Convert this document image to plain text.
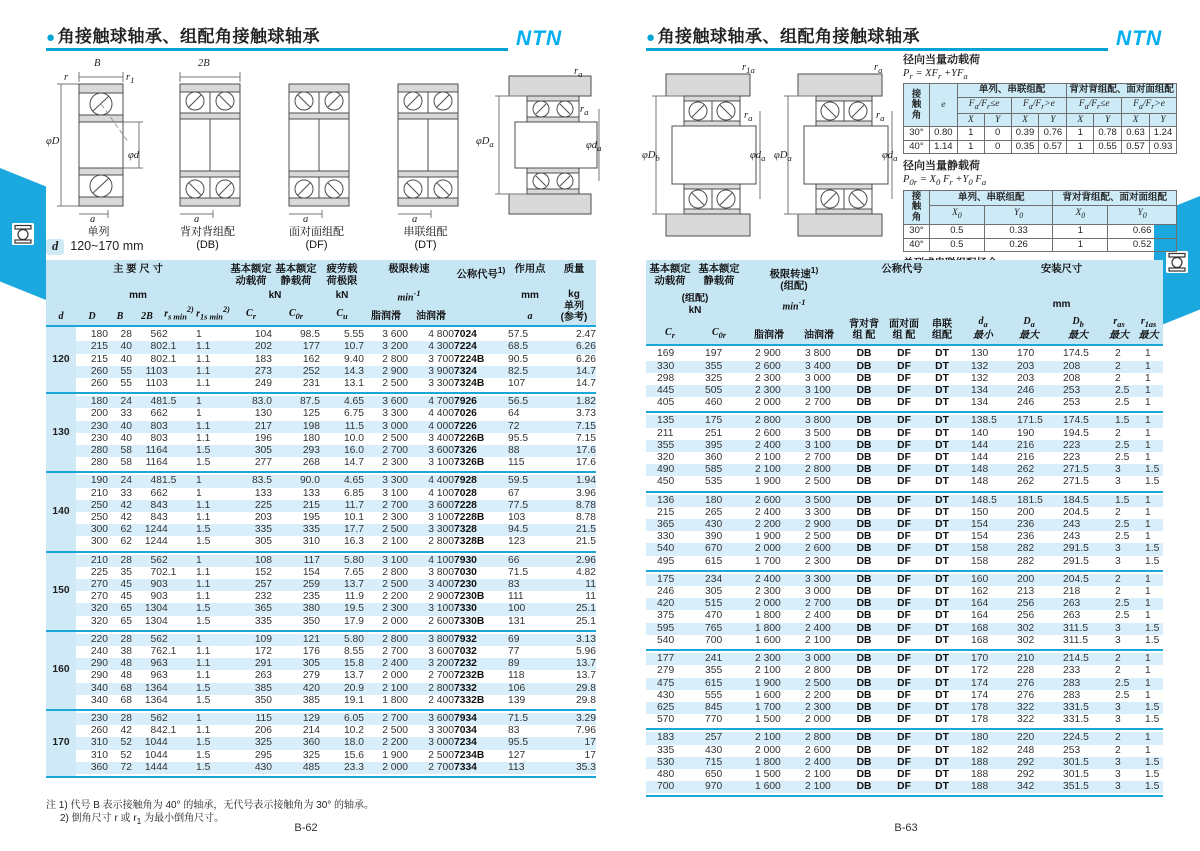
● 角接触球轴承、组配角接触球轴承	NTN
B
r	$r_1$
φD
φd
a
2B
a	a	a
$r_a$
$r_a$
$\varphi D_a$	$\varphi d_a$
单列	背对背组配
(DB)
面对面组配
(DF)
串联组配
(DT)
d 120~170 mm
主 要 尺 寸						基本额定
动载荷	基本额定
静载荷	疲劳载
荷极限	极限转速		公称代号$^{1)}$	作用点	质量
mm						kN		kN	$\min^{-1}$			mm	kg
单列
(参考)
d	D	B	2B	$r_{s min}^{2)}$	$r_{1s min}^{2)}$	$C_r$	$C_{0r}$	$C_u$	脂润滑	油润滑		a	
120													
	180	28	56	2	1	104	98.5	5.55	3 600	4 800	7024	57.5	2.47
	215	40	80	2.1	1.1	202	177	10.7	3 200	4 300	7224	68.5	6.26
	215	40	80	2.1	1.1	183	162	9.40	2 800	3 700	7224B	90.5	6.26
	260	55	110	3	1.1	273	252	14.3	2 900	3 900	7324	82.5	14.7
	260	55	110	3	1.1	249	231	13.1	2 500	3 300	7324B	107	14.7

130													
	180	24	48	1.5	1	83.0	87.5	4.65	3 600	4 700	7926	56.5	1.82
	200	33	66	2	1	130	125	6.75	3 300	4 400	7026	64	3.73
	230	40	80	3	1.1	217	198	11.5	3 000	4 000	7226	72	7.15
	230	40	80	3	1.1	196	180	10.0	2 500	3 400	7226B	95.5	7.15
	280	58	116	4	1.5	305	293	16.0	2 700	3 600	7326	88	17.6
	280	58	116	4	1.5	277	268	14.7	2 300	3 100	7326B	115	17.6

140													
	190	24	48	1.5	1	83.5	90.0	4.65	3 300	4 400	7928	59.5	1.94
	210	33	66	2	1	133	133	6.85	3 100	4 100	7028	67	3.96
	250	42	84	3	1.1	225	215	11.7	2 700	3 600	7228	77.5	8.78
	250	42	84	3	1.1	203	195	10.1	2 300	3 100	7228B	103	8.78
	300	62	124	4	1.5	335	335	17.7	2 500	3 300	7328	94.5	21.5
	300	62	124	4	1.5	305	310	16.3	2 100	2 800	7328B	123	21.5

150													
	210	28	56	2	1	108	117	5.80	3 100	4 100	7930	66	2.96
	225	35	70	2.1	1.1	152	154	7.65	2 800	3 800	7030	71.5	4.82
	270	45	90	3	1.1	257	259	13.7	2 500	3 400	7230	83	11
	270	45	90	3	1.1	232	235	11.9	2 200	2 900	7230B	111	11
	320	65	130	4	1.5	365	380	19.5	2 300	3 100	7330	100	25.1
	320	65	130	4	1.5	335	350	17.9	2 000	2 600	7330B	131	25.1

160													
	220	28	56	2	1	109	121	5.80	2 800	3 800	7932	69	3.13
	240	38	76	2.1	1.1	172	176	8.55	2 700	3 600	7032	77	5.96
	290	48	96	3	1.1	291	305	15.8	2 400	3 200	7232	89	13.7
	290	48	96	3	1.1	263	279	13.7	2 000	2 700	7232B	118	13.7
	340	68	136	4	1.5	385	420	20.9	2 100	2 800	7332	106	29.8
	340	68	136	4	1.5	350	385	19.1	1 800	2 400	7332B	139	29.8

170													
	230	28	56	2	1	115	129	6.05	2 700	3 600	7934	71.5	3.29
	260	42	84	2.1	1.1	206	214	10.2	2 500	3 300	7034	83	7.96
	310	52	104	4	1.5	325	360	18.0	2 200	3 000	7234	95.5	17
	310	52	104	4	1.5	295	325	15.6	1 900	2 500	7234B	127	17
	360	72	144	4	1.5	430	485	23.3	2 000	2 700	7334	113	35.3

注 1) 代号 B 表示接触角为 40° 的轴承，无代号表示接触角为 30° 的轴承。
2) 倒角尺寸 r 或 $r_1$ 为最小倒角尺寸。
B-62
● 角接触球轴承、组配角接触球轴承	NTN
$r_{1a}$
$r_a$
$\varphi D_b$	$\varphi d_a$
$r_a$
$r_a$
$\varphi D_a$	$\varphi d_a$
径向当量动载荷
$P_r = XF_r +YF_a$
接
触
角	e	单列、串联组配				背对背组配、面对面组配			
		$F_a/F_r\le e$		$F_a/F_r>e$		$F_a/F_r\le e$		$F_a/F_r>e$	
		X	Y	X	Y	X	Y	X	Y
30°	0.80	1	0	0.39	0.76	1	0.78	0.63	1.24
40°	1.14	1	0	0.35	0.57	1	0.55	0.57	0.93
径向当量静载荷
$P_{0r} = X_0$ $F_r +Y_0$ $F_a$
接
触
角	单列、串联组配		背对背组配、面对面组配	
	$X_0$	$Y_0$	$X_0$	$Y_0$
30°	0.5	0.33	1	0.66
40°	0.5	0.26	1	0.52
单列或串联组配场合,
$P_{0r} < F_r$ 时, $P_{0r} = F_{ro}$
基本额定
动载荷	基本额定
静载荷	极限转速$^{1)}$
(组配)		公称代号			安装尺寸				
(组配)
kN		$\min^{-1}$					mm				
$C_r$	$C_{0r}$	脂润滑	油润滑	背对背
组 配	面对面
组 配	串联
组配	$d_a$
最小	$D_a$
最大	$D_b$
最大	$r_{as}$
最大	$r_{1as}$
最大

169	197	2 900	3 800	DB	DF	DT	130	170	174.5	2	1
330	355	2 600	3 400	DB	DF	DT	132	203	208	2	1
298	325	2 300	3 000	DB	DF	DT	132	203	208	2	1
445	505	2 300	3 100	DB	DF	DT	134	246	253	2.5	1
405	460	2 000	2 700	DB	DF	DT	134	246	253	2.5	1

135	175	2 800	3 800	DB	DF	DT	138.5	171.5	174.5	1.5	1
211	251	2 600	3 500	DB	DF	DT	140	190	194.5	2	1
355	395	2 400	3 100	DB	DF	DT	144	216	223	2.5	1
320	360	2 100	2 700	DB	DF	DT	144	216	223	2.5	1
490	585	2 100	2 800	DB	DF	DT	148	262	271.5	3	1.5
450	535	1 900	2 500	DB	DF	DT	148	262	271.5	3	1.5

136	180	2 600	3 500	DB	DF	DT	148.5	181.5	184.5	1.5	1
215	265	2 400	3 300	DB	DF	DT	150	200	204.5	2	1
365	430	2 200	2 900	DB	DF	DT	154	236	243	2.5	1
330	390	1 900	2 500	DB	DF	DT	154	236	243	2.5	1
540	670	2 000	2 600	DB	DF	DT	158	282	291.5	3	1.5
495	615	1 700	2 300	DB	DF	DT	158	282	291.5	3	1.5

175	234	2 400	3 300	DB	DF	DT	160	200	204.5	2	1
246	305	2 300	3 000	DB	DF	DT	162	213	218	2	1
420	515	2 000	2 700	DB	DF	DT	164	256	263	2.5	1
375	470	1 800	2 400	DB	DF	DT	164	256	263	2.5	1
595	765	1 800	2 400	DB	DF	DT	168	302	311.5	3	1.5
540	700	1 600	2 100	DB	DF	DT	168	302	311.5	3	1.5

177	241	2 300	3 000	DB	DF	DT	170	210	214.5	2	1
279	355	2 100	2 800	DB	DF	DT	172	228	233	2	1
475	615	1 900	2 500	DB	DF	DT	174	276	283	2.5	1
430	555	1 600	2 200	DB	DF	DT	174	276	283	2.5	1
625	845	1 700	2 300	DB	DF	DT	178	322	331.5	3	1.5
570	770	1 500	2 000	DB	DF	DT	178	322	331.5	3	1.5

183	257	2 100	2 800	DB	DF	DT	180	220	224.5	2	1
335	430	2 000	2 600	DB	DF	DT	182	248	253	2	1
530	715	1 800	2 400	DB	DF	DT	188	292	301.5	3	1.5
480	650	1 500	2 100	DB	DF	DT	188	292	301.5	3	1.5
700	970	1 600	2 100	DB	DF	DT	188	342	351.5	3	1.5

B-63
